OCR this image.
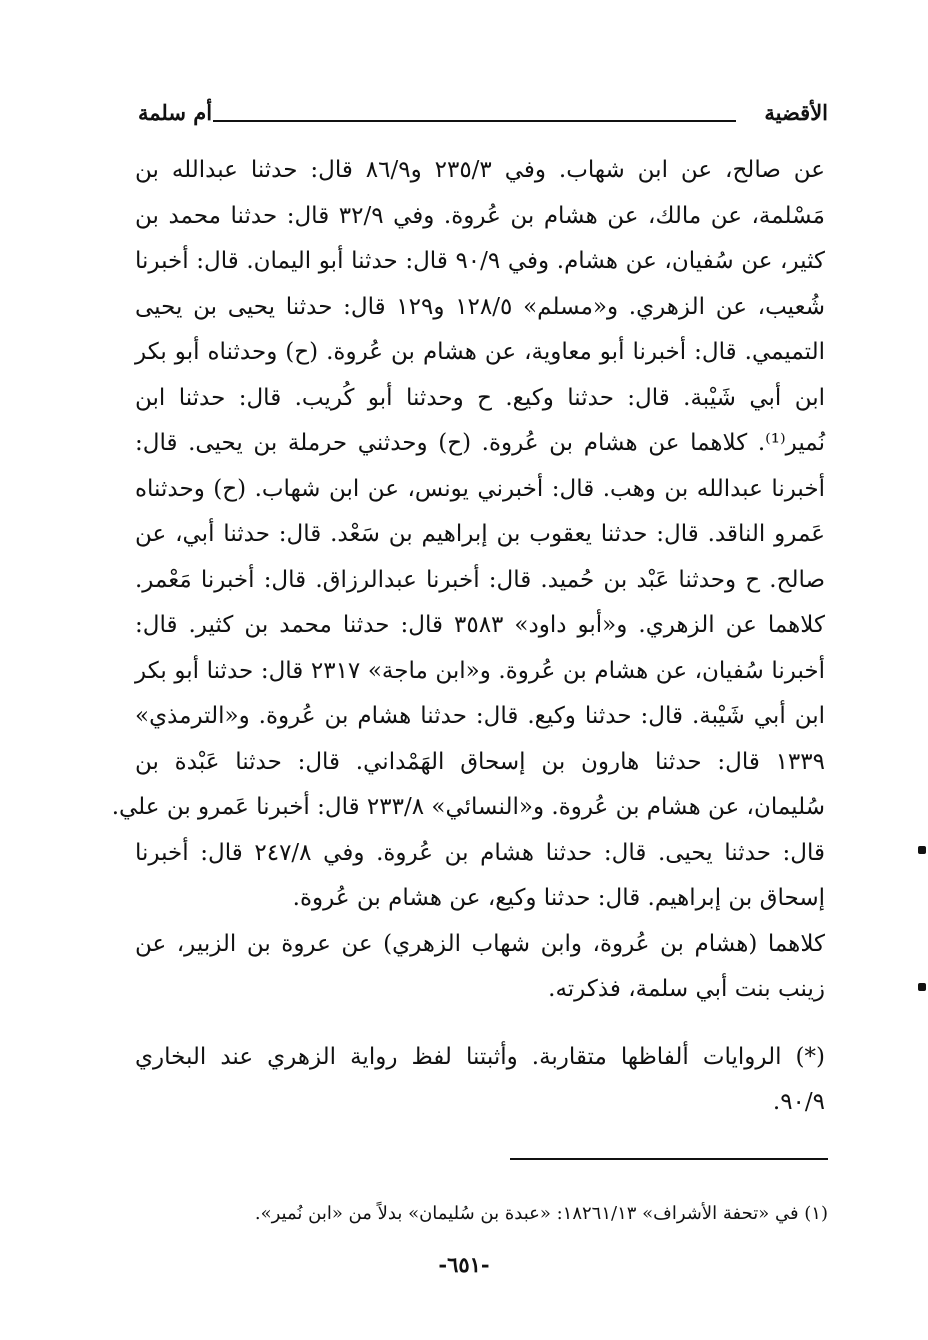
الأقضية
أم سلمة

عن صالح، عن ابن شهاب. وفي ٢٣٥/٣ و٨٦/٩ قال: حدثنا عبدالله بن
مَسْلمة، عن مالك، عن هشام بن عُروة. وفي ٣٢/٩ قال: حدثنا محمد بن
كثير، عن سُفيان، عن هشام. وفي ٩٠/٩ قال: حدثنا أبو اليمان. قال: أخبرنا
شُعيب، عن الزهري. و«مسلم» ١٢٨/٥ و١٢٩ قال: حدثنا يحيى بن يحيى
التميمي. قال: أخبرنا أبو معاوية، عن هشام بن عُروة. (ح) وحدثناه أبو بكر
ابن أبي شَيْبة. قال: حدثنا وكيع. ح وحدثنا أبو كُريب. قال: حدثنا ابن
نُمير⁽¹⁾. كلاهما عن هشام بن عُروة. (ح) وحدثني حرملة بن يحيى. قال:
أخبرنا عبدالله بن وهب. قال: أخبرني يونس، عن ابن شهاب. (ح) وحدثناه
عَمرو الناقد. قال: حدثنا يعقوب بن إبراهيم بن سَعْد. قال: حدثنا أبي، عن
صالح. ح وحدثنا عَبْد بن حُميد. قال: أخبرنا عبدالرزاق. قال: أخبرنا مَعْمر.
كلاهما عن الزهري. و«أبو داود» ٣٥٨٣ قال: حدثنا محمد بن كثير. قال:
أخبرنا سُفيان، عن هشام بن عُروة. و«ابن ماجة» ٢٣١٧ قال: حدثنا أبو بكر
ابن أبي شَيْبة. قال: حدثنا وكيع. قال: حدثنا هشام بن عُروة. و«الترمذي»
١٣٣٩ قال: حدثنا هارون بن إسحاق الهَمْداني. قال: حدثنا عَبْدة بن
سُليمان، عن هشام بن عُروة. و«النسائي» ٢٣٣/٨ قال: أخبرنا عَمرو بن علي.
قال: حدثنا يحيى. قال: حدثنا هشام بن عُروة. وفي ٢٤٧/٨ قال: أخبرنا
إسحاق بن إبراهيم. قال: حدثنا وكيع، عن هشام بن عُروة.

كلاهما (هشام بن عُروة، وابن شهاب الزهري) عن عروة بن الزبير، عن
زينب بنت أبي سلمة، فذكرته.

(*) الروايات ألفاظها متقاربة. وأثبتنا لفظ رواية الزهري عند البخاري
٩٠/٩.

(١) في «تحفة الأشراف» ١٨٢٦١/١٣: «عبدة بن سُليمان» بدلاً من «ابن نُمير».
-٦٥١-
